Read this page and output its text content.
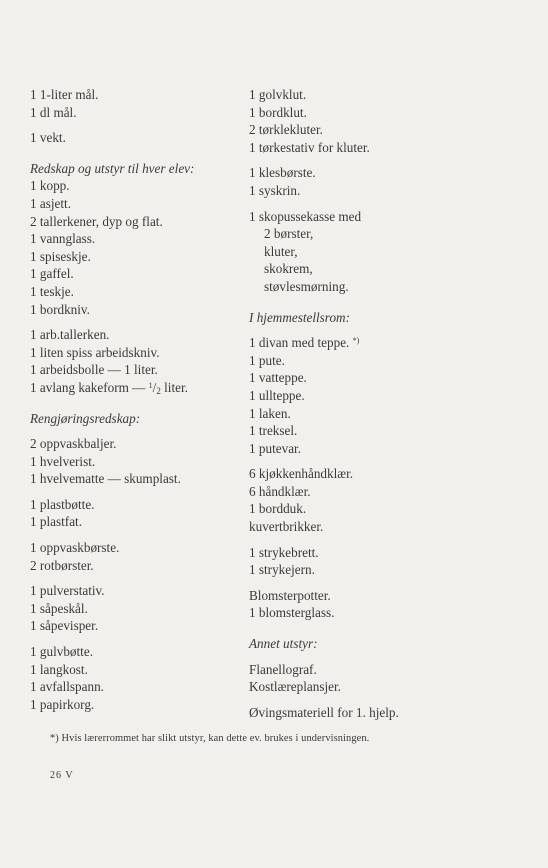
1 1-liter mål.
1 dl mål.
1 vekt.
Redskap og utstyr til hver elev:
1 kopp.
1 asjett.
2 tallerkener, dyp og flat.
1 vannglass.
1 spiseskje.
1 gaffel.
1 teskje.
1 bordkniv.
1 arb.tallerken.
1 liten spiss arbeidskniv.
1 arbeidsbolle — 1 liter.
1 avlang kakeform — $^1/_2$ liter.
Rengjøringsredskap:
2 oppvaskbaljer.
1 hvelverist.
1 hvelvematte — skumplast.
1 plastbøtte.
1 plastfat.
1 oppvaskbørste.
2 rotbørster.
1 pulverstativ.
1 såpeskål.
1 såpevisper.
1 gulvbøtte.
1 langkost.
1 avfallspann.
1 papirkorg.
1 golvklut.
1 bordklut.
2 tørklekluter.
1 tørkestativ for kluter.
1 klesbørste.
1 syskrin.
1 skopussekasse med
2 børster,
kluter,
skokrem,
støvlesmørning.
I hjemmestellsrom:
1 divan med teppe. *)
1 pute.
1 vatteppe.
1 ullteppe.
1 laken.
1 treksel.
1 putevar.
6 kjøkkenhåndklær.
6 håndklær.
1 bordduk.
kuvertbrikker.
1 strykebrett.
1 strykejern.
Blomsterpotter.
1 blomsterglass.
Annet utstyr:
Flanellograf.
Kostlæreplansjer.
Øvingsmateriell for 1. hjelp.
*) Hvis lærerrommet har slikt utstyr, kan dette ev. brukes i undervisningen.
26 V
